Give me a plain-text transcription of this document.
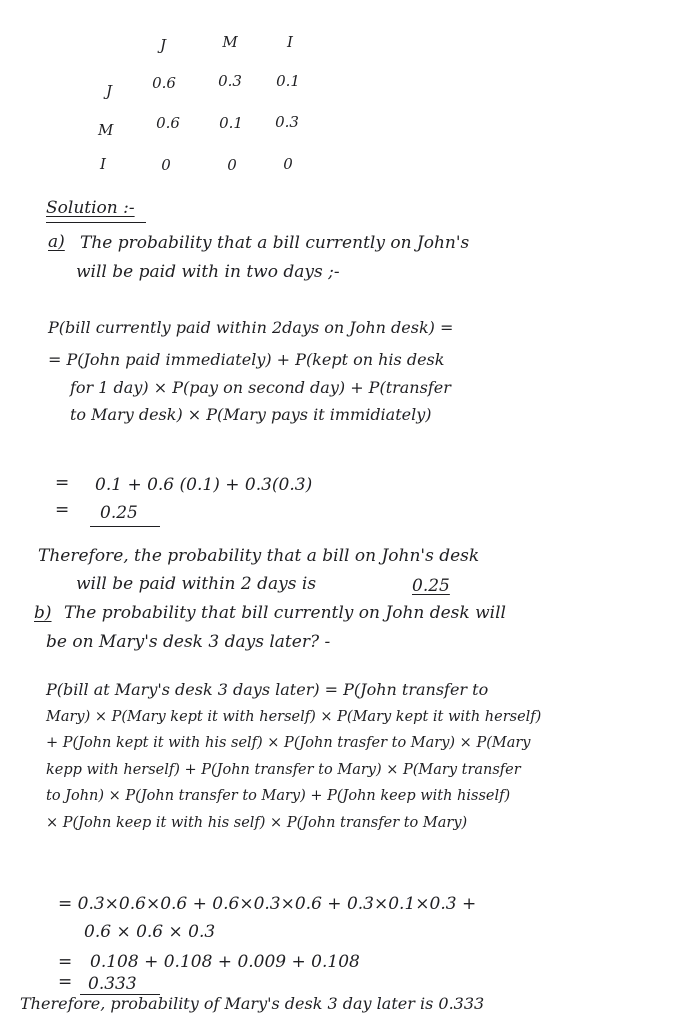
J	M	I
J	0.6	0.3	0.1
M	0.6	0.1	0.3
I	0	0	0
Solution :-
a) The probability that a bill currently on John's
will be paid with in two days ;-
P(bill currently paid within 2days on John desk) =
= P(John paid immediately) + P(kept on his desk
for 1 day) × P(pay on second day) + P(transfer
to Mary desk) × P(Mary pays it immidiately)
= 0.1 + 0.6 (0.1) + 0.3(0.3)
= 0.25
Therefore, the probability that a bill on John's desk
will be paid within 2 days is	0.25
b) The probability that bill currently on John desk will
be on Mary's desk 3 days later? -
P(bill at Mary's desk 3 days later) = P(John transfer to
Mary) × P(Mary kept it with herself) × P(Mary kept it with herself)
+ P(John kept it with his self) × P(John trasfer to Mary) × P(Mary
kepp with herself) + P(John transfer to Mary) × P(Mary transfer
to John) × P(John transfer to Mary) + P(John keep with hisself)
× P(John keep it with his self) × P(John transfer to Mary)
= 0.3×0.6×0.6 + 0.6×0.3×0.6 + 0.3×0.1×0.3 +
0.6 × 0.6 × 0.3
= 0.108 + 0.108 + 0.009 + 0.108
= 0.333
Therefore, probability of Mary's desk 3 day later is 0.333
